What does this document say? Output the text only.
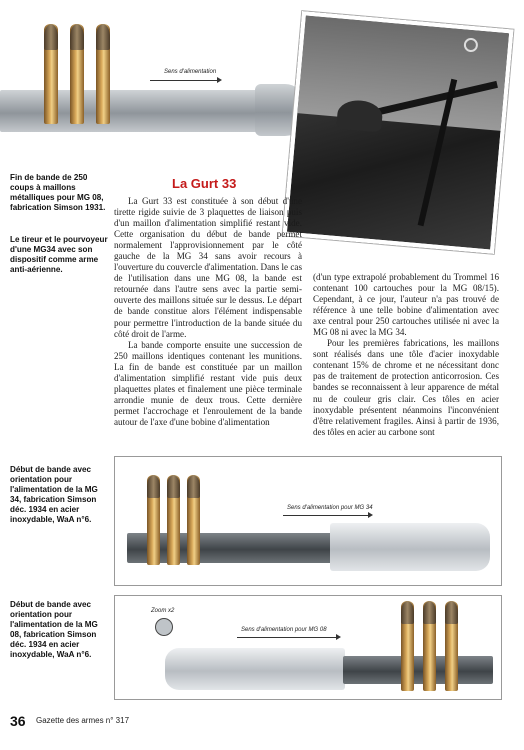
Sens d'alimentation
Fin de bande de 250 coups à maillons métalliques pour MG 08, fabrication Simson 1931.
Le tireur et le pourvoyeur d'une MG34 avec son dispositif comme arme anti-aérienne.
Début de bande avec orientation pour l'alimentation de la MG 34, fabrication Simson déc. 1934 en acier inoxydable, WaA n°6.
Début de bande avec orientation pour l'alimentation de la MG 08, fabrication Simson déc. 1934 en acier inoxydable, WaA n°6.
La Gurt 33

La Gurt 33 est constituée à son début d'une tirette rigide suivie de 3 plaquettes de liaison puis d'un maillon d'alimentation simplifié restant vide. Cette organisation du début de bande permet normalement l'approvisionnement par le côté gauche de la MG 34 sans avoir recours à l'ouverture du couvercle d'alimentation. Dans le cas de l'utilisation dans une MG 08, la bande est retournée dans l'autre sens avec la partie semi-ouverte des maillons située sur le dessus. Le départ de bande constitue alors l'élément indispensable pour permettre l'introduction de la bande située du côté droit de l'arme.

La bande comporte ensuite une succession de 250 maillons identiques contenant les munitions. La fin de bande est constituée par un maillon d'alimentation simplifié restant vide puis deux plaquettes plates et finalement une pièce terminale arrondie munie de deux trous. Cette dernière permet l'accrochage et l'enroulement de la bande autour de l'axe d'une bobine d'alimentation

(d'un type extrapolé probablement du Trommel 16 contenant 100 cartouches pour la MG 08/15). Cependant, à ce jour, l'auteur n'a pas trouvé de référence à une telle bobine d'alimentation avec axe central pour 250 cartouches utilisée ni avec la MG 08 ni avec la MG 34.

Pour les premières fabrications, les maillons sont réalisés dans une tôle d'acier inoxydable contenant 15% de chrome et ne nécessitant donc pas de traitement de protection anticorrosion. Ces bandes se reconnaissent à leur apparence de métal nu de couleur gris clair. Ces tôles en acier inoxydable présentent néanmoins l'inconvénient d'être relativement fragiles. Ainsi à partir de 1936, des tôles en acier au carbone sont

Sens d'alimentation pour MG 34
Zoom x2
Sens d'alimentation pour MG 08
36 Gazette des armes n° 317
